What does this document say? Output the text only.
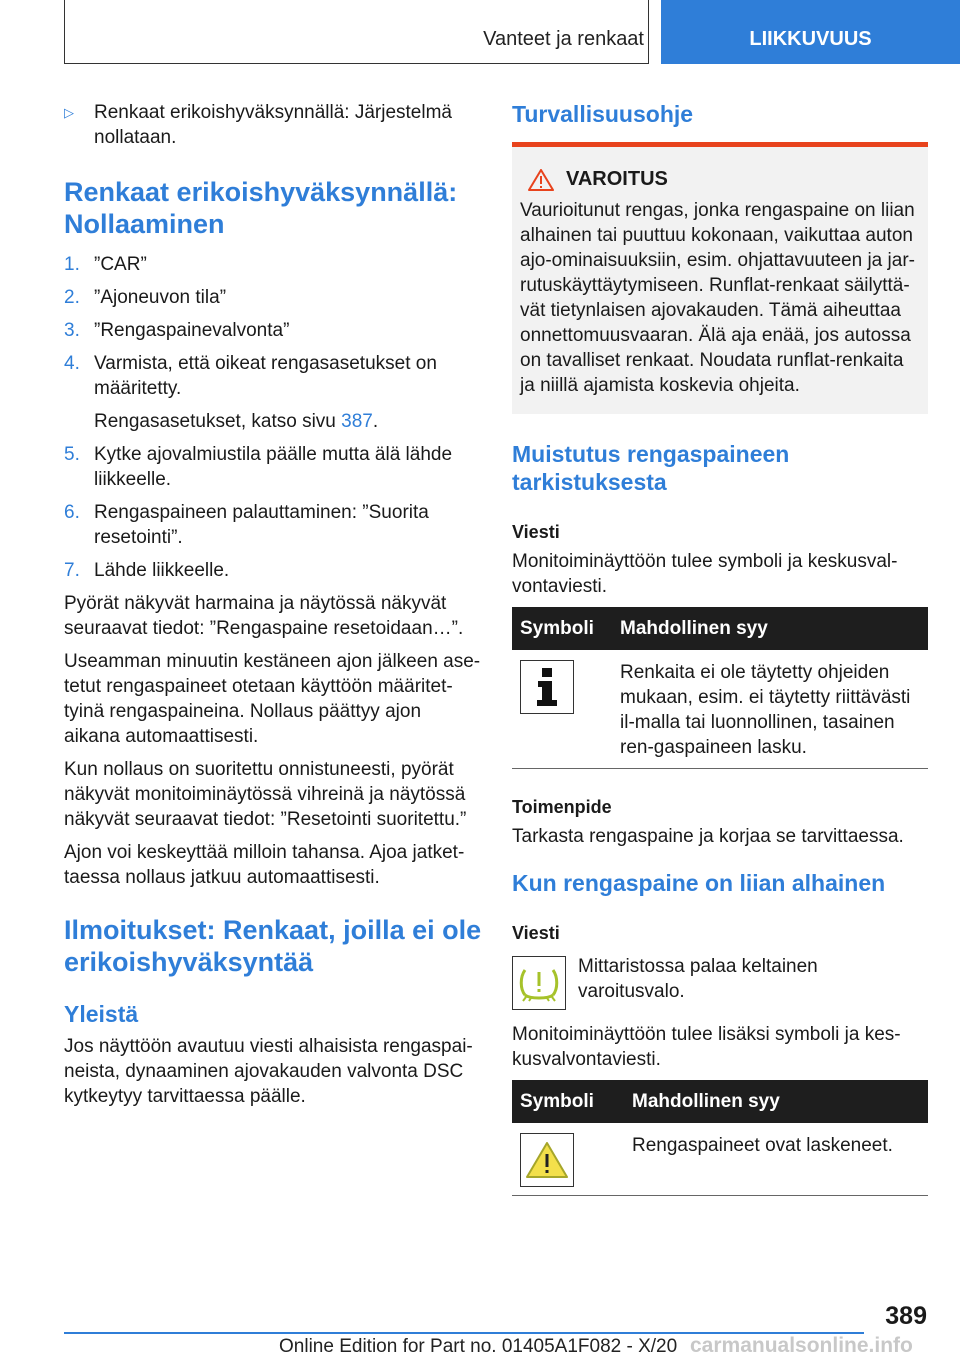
Vanteet ja renkaat	LIIKKUVUUS
▷	Renkaat erikoishyväksynnällä: Järjestelmä nollataan.
Renkaat erikoishyväksynnällä: Nollaaminen
1. ”CAR”
2. ”Ajoneuvon tila”
3. ”Rengaspainevalvonta”
4. Varmista, että oikeat rengasasetukset on määritetty.
Rengasasetukset, katso sivu 387.
5. Kytke ajovalmiustila päälle mutta älä lähde liikkeelle.
6. Rengaspaineen palauttaminen: ”Suorita resetointi”.
7. Lähde liikkeelle.

Pyörät näkyvät harmaina ja näytössä näkyvät seuraavat tiedot: ”Rengaspaine resetoidaan…”.

Useamman minuutin kestäneen ajon jälkeen ase-tetut rengaspaineet otetaan käyttöön määritet-tyinä rengaspaineina. Nollaus päättyy ajon aikana automaattisesti.

Kun nollaus on suoritettu onnistuneesti, pyörät näkyvät monitoiminäytössä vihreinä ja näytössä näkyvät seuraavat tiedot: ”Resetointi suoritettu.”

Ajon voi keskeyttää milloin tahansa. Ajoa jatket-taessa nollaus jatkuu automaattisesti.

Ilmoitukset: Renkaat, joilla ei ole erikoishyväksyntää
Yleistä

Jos näyttöön avautuu viesti alhaisista rengaspai-neista, dynaaminen ajovakauden valvonta DSC kytkeytyy tarvittaessa päälle.

Turvallisuusohje
VAROITUS
Vaurioitunut rengas, jonka rengaspaine on liian alhainen tai puuttuu kokonaan, vaikuttaa auton ajo-ominaisuuksiin, esim. ohjattavuuteen ja jar-rutuskäyttäytymiseen. Runflat-renkaat säilyttä-vät tietynlaisen ajovakauden. Tämä aiheuttaa onnettomuusvaaran. Älä aja enää, jos autossa on tavalliset renkaat. Noudata runflat-renkaita ja niillä ajamista koskevia ohjeita.
Muistutus rengaspaineen tarkistuksesta
Viesti

Monitoiminäyttöön tulee symboli ja keskusval-vontaviesti.

Symboli	Mahdollinen syy

	Renkaita ei ole täytetty ohjeiden mukaan, esim. ei täytetty riittävästi il-malla tai luonnollinen, tasainen ren-gaspaineen lasku.
Toimenpide

Tarkasta rengaspaine ja korjaa se tarvittaessa.

Kun rengaspaine on liian alhainen
Viesti
Mittaristossa palaa keltainen varoitusvalo.

Monitoiminäyttöön tulee lisäksi symboli ja kes-kusvalvontaviesti.

Symboli	Mahdollinen syy

	Rengaspaineet ovat laskeneet.
389
Online Edition for Part no. 01405A1F082 - X/20 carmanualsonline.info
